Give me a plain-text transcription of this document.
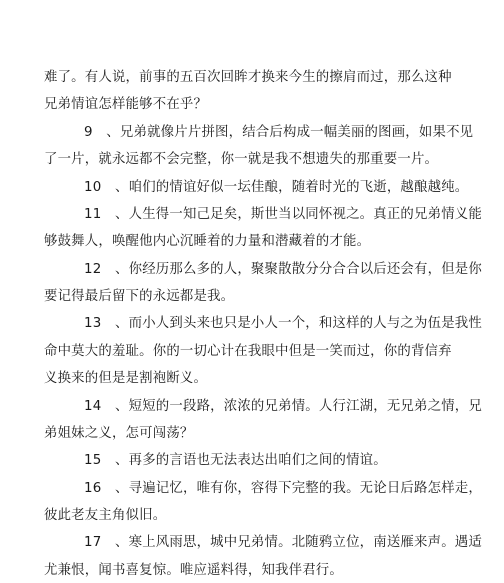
难了。有人说，前事的五百次回眸才换来今生的擦肩而过，那么这种
兄弟情谊怎样能够不在乎？
9　、兄弟就像片片拼图，结合后构成一幅美丽的图画，如果不见
了一片，就永远都不会完整，你一就是我不想遗失的那重要一片。
10　、咱们的情谊好似一坛佳酿，随着时光的飞逝，越酿越纯。
11　、人生得一知己足矣，斯世当以同怀视之。真正的兄弟情义能
够鼓舞人，唤醒他内心沉睡着的力量和潜藏着的才能。
12　、你经历那么多的人，聚聚散散分分合合以后还会有，但是你
要记得最后留下的永远都是我。
13　、而小人到头来也只是小人一个，和这样的人与之为伍是我性
命中莫大的羞耻。你的一切心计在我眼中但是一笑而过，你的背信弃
义换来的但是是割袍断义。
14　、短短的一段路，浓浓的兄弟情。人行江湖，无兄弟之情，兄
弟姐妹之义，怎可闯荡？
15　、再多的言语也无法表达出咱们之间的情谊。
16　、寻遍记忆，唯有你，容得下完整的我。无论日后路怎样走，
彼此老友主角似旧。
17　、寒上风雨思，城中兄弟情。北随鸦立位，南送雁来声。遇适
尤兼恨，闻书喜复惊。唯应遥料得，知我伴君行。
